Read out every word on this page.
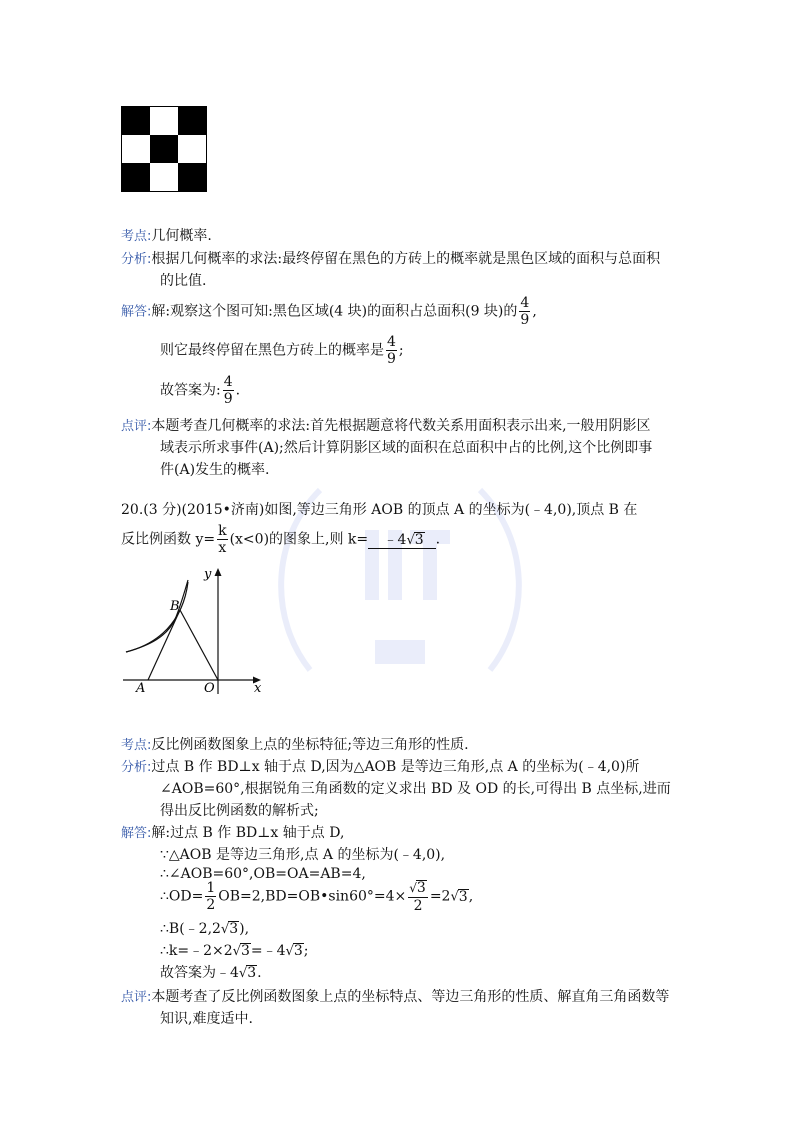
考点:几何概率.
分析:根据几何概率的求法:最终停留在黑色的方砖上的概率就是黑色区域的面积与总面积
的比值.
解答:解:观察这个图可知:黑色区域(4 块)的面积占总面积(9 块)的 $\frac{4}{9}$ ,
则它最终停留在黑色方砖上的概率是 $\frac{4}{9}$ ;
故答案为: $\frac{4}{9}$ .
点评:本题考查几何概率的求法:首先根据题意将代数关系用面积表示出来,一般用阴影区
域表示所求事件(A);然后计算阴影区域的面积在总面积中占的比例,这个比例即事
件(A)发生的概率.
20.(3 分)(2015•济南)如图,等边三角形 AOB 的顶点 A 的坐标为(﹣4,0),顶点 B 在
反比例函数 $y= \frac{k}{x} (x<0)$的图象上,则 k= ﹣4√3 .
y
x
B
A	O
考点:反比例函数图象上点的坐标特征;等边三角形的性质.
分析:过点 B 作 BD⊥x 轴于点 D,因为△AOB 是等边三角形,点 A 的坐标为(﹣4,0)所
∠AOB=60°,根据锐角三角函数的定义求出 BD 及 OD 的长,可得出 B 点坐标,进而
得出反比例函数的解析式;
解答:解:过点 B 作 BD⊥x 轴于点 D,
∵△AOB 是等边三角形,点 A 的坐标为(﹣4,0),
∴∠AOB=60°,OB=OA=AB=4,
∴OD= $\frac{1}{2}$ OB=2,BD=OB•sin60°=4× $\frac{√3}{2} =2√3$,
∴B(﹣2,2√3),
∴k=﹣2×2√3=﹣4√3;
故答案为﹣4√3.
点评:本题考查了反比例函数图象上点的坐标特点、等边三角形的性质、解直角三角函数等
知识,难度适中.
